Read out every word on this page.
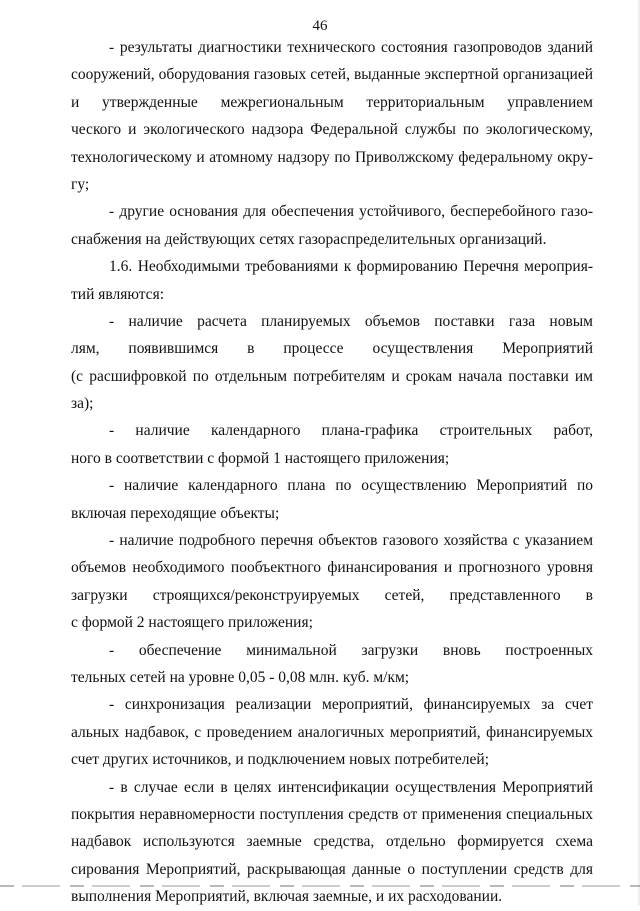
46
- результаты диагностики технического состояния газопроводов зданий
сооружений, оборудования газовых сетей, выданные экспертной организацией
и утвержденные межрегиональным территориальным управлением
ческого и экологического надзора Федеральной службы по экологическому,
технологическому и атомному надзору по Приволжскому федеральному окру-
гу;
- другие основания для обеспечения устойчивого, бесперебойного газо-
снабжения на действующих сетях газораспределительных организаций.
1.6. Необходимыми требованиями к формированию Перечня мероприя-
тий являются:
- наличие расчета планируемых объемов поставки газа новым
лям, появившимся в процессе осуществления Мероприятий
(с расшифровкой по отдельным потребителям и срокам начала поставки им
за);
- наличие календарного плана-графика строительных работ,
ного в соответствии с формой 1 настоящего приложения;
- наличие календарного плана по осуществлению Мероприятий по
включая переходящие объекты;
- наличие подробного перечня объектов газового хозяйства с указанием
объемов необходимого пообъектного финансирования и прогнозного уровня
загрузки строящихся/реконструируемых сетей, представленного в
с формой 2 настоящего приложения;
- обеспечение минимальной загрузки вновь построенных
тельных сетей на уровне 0,05 - 0,08 млн. куб. м/км;
- синхронизация реализации мероприятий, финансируемых за счет
альных надбавок, с проведением аналогичных мероприятий, финансируемых
счет других источников, и подключением новых потребителей;
- в случае если в целях интенсификации осуществления Мероприятий
покрытия неравномерности поступления средств от применения специальных
надбавок используются заемные средства, отдельно формируется схема
сирования Мероприятий, раскрывающая данные о поступлении средств для
выполнения Мероприятий, включая заемные, и их расходовании.
